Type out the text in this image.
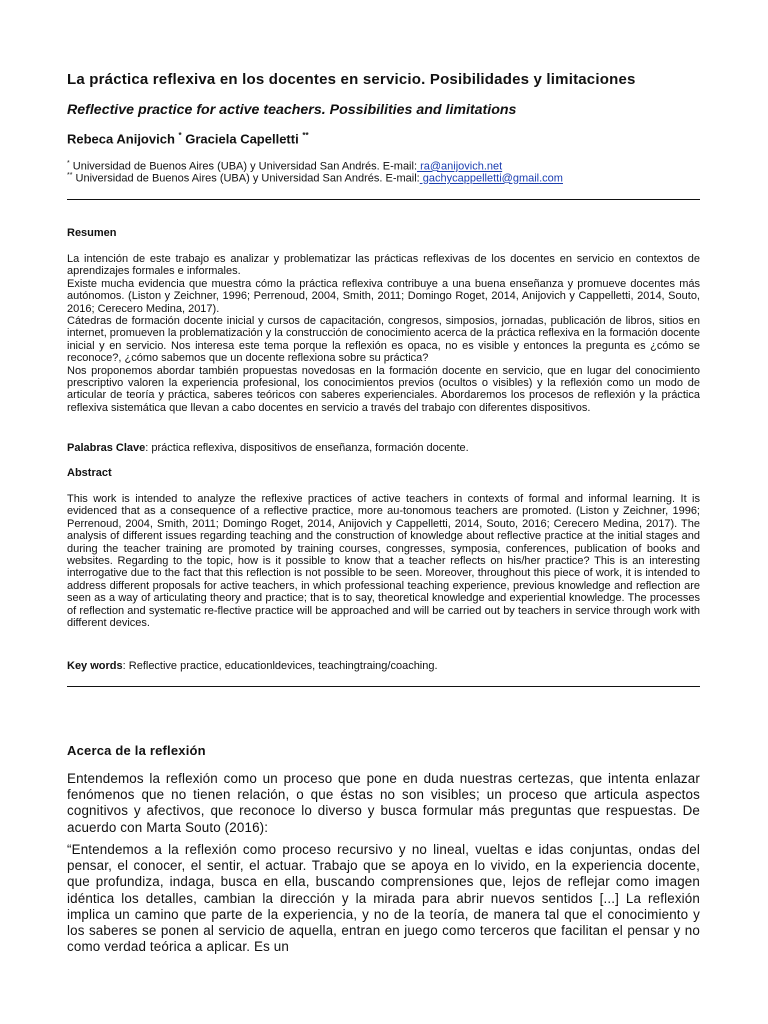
La práctica reflexiva en los docentes en servicio. Posibilidades y limitaciones
Reflective practice for active teachers. Possibilities and limitations
Rebeca Anijovich * Graciela Capelletti **
* Universidad de Buenos Aires (UBA) y Universidad San Andrés. E-mail: ra@anijovich.net
** Universidad de Buenos Aires (UBA) y Universidad San Andrés. E-mail: gachycappelletti@gmail.com
Resumen

La intención de este trabajo es analizar y problematizar las prácticas reflexivas de los docentes en servicio en contextos de aprendizajes formales e informales.

Existe mucha evidencia que muestra cómo la práctica reflexiva contribuye a una buena enseñanza y promueve docentes más autónomos. (Liston y Zeichner, 1996; Perrenoud, 2004, Smith, 2011; Domingo Roget, 2014, Anijovich y Cappelletti, 2014, Souto, 2016; Cerecero Medina, 2017).

Cátedras de formación docente inicial y cursos de capacitación, congresos, simposios, jornadas, publicación de libros, sitios en internet, promueven la problematización y la construcción de conocimiento acerca de la práctica reflexiva en la formación docente inicial y en servicio. Nos interesa este tema porque la reflexión es opaca, no es visible y entonces la pregunta es ¿cómo se reconoce?, ¿cómo sabemos que un docente reflexiona sobre su práctica?

Nos proponemos abordar también propuestas novedosas en la formación docente en servicio, que en lugar del conocimiento prescriptivo valoren la experiencia profesional, los conocimientos previos (ocultos o visibles) y la reflexión como un modo de articular de teoría y práctica, saberes teóricos con saberes experienciales. Abordaremos los procesos de reflexión y la práctica reflexiva sistemática que llevan a cabo docentes en servicio a través del trabajo con diferentes dispositivos.

Palabras Clave: práctica reflexiva, dispositivos de enseñanza, formación docente.
Abstract

This work is intended to analyze the reflexive practices of active teachers in contexts of formal and informal learning. It is evidenced that as a consequence of a reflective practice, more au-tonomous teachers are promoted. (Liston y Zeichner, 1996; Perrenoud, 2004, Smith, 2011; Domingo Roget, 2014, Anijovich y Cappelletti, 2014, Souto, 2016; Cerecero Medina, 2017). The analysis of different issues regarding teaching and the construction of knowledge about reflective practice at the initial stages and during the teacher training are promoted by training courses, congresses, symposia, conferences, publication of books and websites. Regarding to the topic, how is it possible to know that a teacher reflects on his/her practice? This is an interesting interrogative due to the fact that this reflection is not possible to be seen. Moreover, throughout this piece of work, it is intended to address different proposals for active teachers, in which professional teaching experience, previous knowledge and reflection are seen as a way of articulating theory and practice; that is to say, theoretical knowledge and experiential knowledge. The processes of reflection and systematic re-flective practice will be approached and will be carried out by teachers in service through work with different devices.

Key words: Reflective practice, educationldevices, teachingtraing/coaching.
Acerca de la reflexión

Entendemos la reflexión como un proceso que pone en duda nuestras certezas, que intenta enlazar fenómenos que no tienen relación, o que éstas no son visibles; un proceso que articula aspectos cognitivos y afectivos, que reconoce lo diverso y busca formular más preguntas que respuestas. De acuerdo con Marta Souto (2016):

“Entendemos a la reflexión como proceso recursivo y no lineal, vueltas e idas conjuntas, ondas del pensar, el conocer, el sentir, el actuar. Trabajo que se apoya en lo vivido, en la experiencia docente, que profundiza, indaga, busca en ella, buscando comprensiones que, lejos de reflejar como imagen idéntica los detalles, cambian la dirección y la mirada para abrir nuevos sentidos [...] La reflexión implica un camino que parte de la experiencia, y no de la teoría, de manera tal que el conocimiento y los saberes se ponen al servicio de aquella, entran en juego como terceros que facilitan el pensar y no como verdad teórica a aplicar. Es un
